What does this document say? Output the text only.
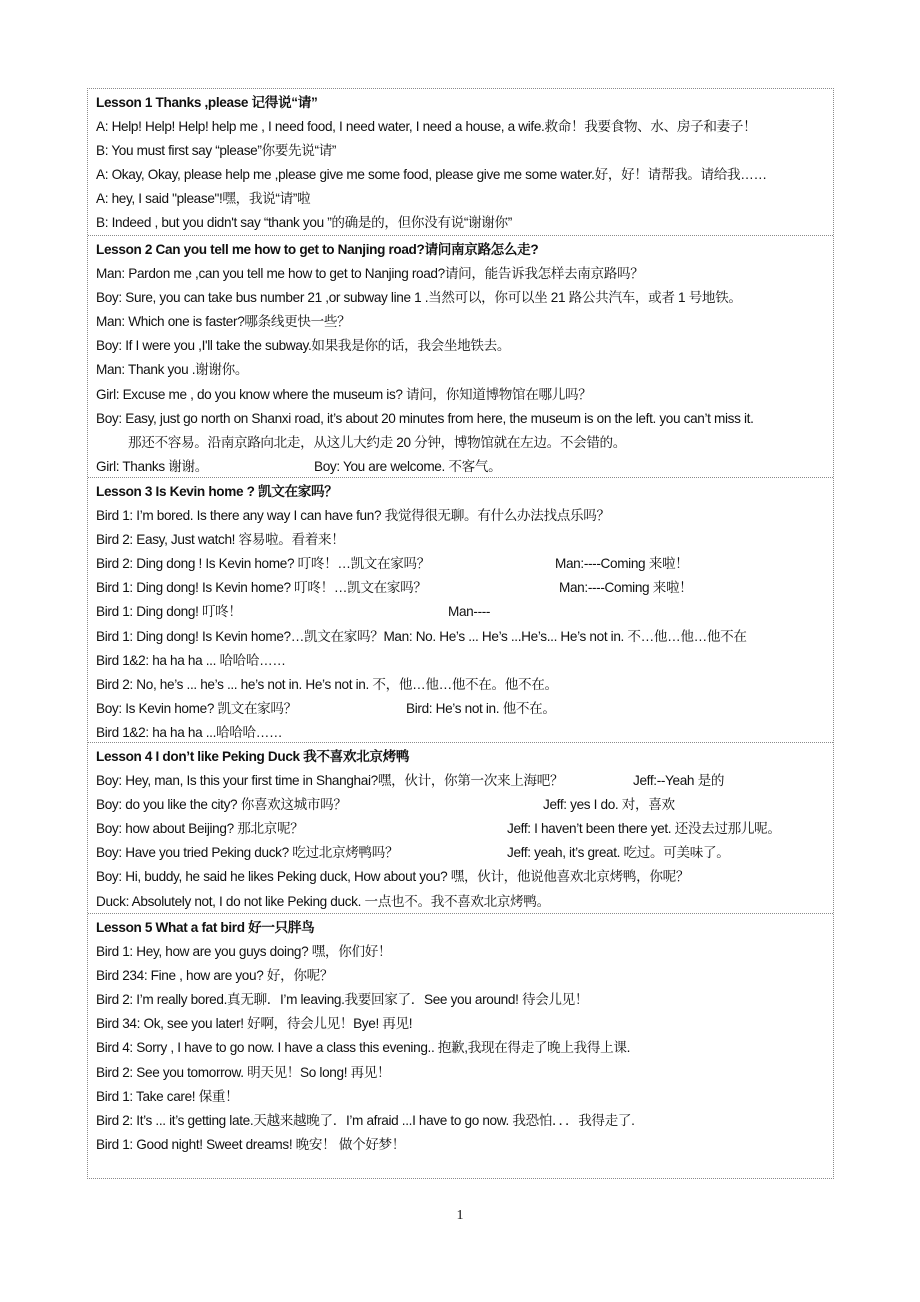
Lesson 1 Thanks ,please 记得说“请”
A: Help! Help! Help! help me , I need food, I need water, I need a house, a wife.救命！我要食物、水、房子和妻子！
B: You must first say “please”你要先说“请”
A: Okay, Okay, please help me ,please give me some food, please give me some water.好，好！请帮我。请给我……
A: hey, I said "please"!嘿，我说“请”啦
B: Indeed , but you didn't say “thank you ”的确是的，但你没有说“谢谢你”
Lesson 2 Can you tell me how to get to Nanjing road?请问南京路怎么走?
Man: Pardon me ,can you tell me how to get to Nanjing road?请问，能告诉我怎样去南京路吗？
Boy: Sure, you can take bus number 21 ,or subway line 1 .当然可以，你可以坐 21 路公共汽车，或者 1 号地铁。
Man: Which one is faster?哪条线更快一些？
Boy: If I were you ,I'll take the subway.如果我是你的话，我会坐地铁去。
Man: Thank you .谢谢你。
Girl: Excuse me , do you know where the museum is? 请问，你知道博物馆在哪儿吗？
Boy: Easy, just go north on Shanxi road, it’s about 20 minutes from here, the museum is on the left. you can’t miss it.
那还不容易。沿南京路向北走，从这儿大约走 20 分钟，博物馆就在左边。不会错的。
Girl: Thanks 谢谢。	Boy: You are welcome. 不客气。
Lesson 3 Is Kevin home ? 凯文在家吗？
Bird 1: I’m bored. Is there any way I can have fun? 我觉得很无聊。有什么办法找点乐吗？
Bird 2: Easy, Just watch! 容易啦。看着来！
Bird 2: Ding dong ! Is Kevin home? 叮咚！…凯文在家吗？	Man:----Coming 来啦！
Bird 1: Ding dong! Is Kevin home? 叮咚！…凯文在家吗？	Man:----Coming 来啦！
Bird 1: Ding dong! 叮咚！	Man----
Bird 1: Ding dong! Is Kevin home?…凯文在家吗？Man: No. He’s ... He’s ...He’s... He’s not in. 不…他…他…他不在
Bird 1&2: ha ha ha ... 哈哈哈……
Bird 2: No, he’s ... he’s ... he’s not in. He’s not in. 不，他…他…他不在。他不在。
Boy: Is Kevin home? 凯文在家吗？	Bird: He’s not in. 他不在。
Bird 1&2: ha ha ha ...哈哈哈……
Lesson 4 I don’t like Peking Duck 我不喜欢北京烤鸭
Boy: Hey, man, Is this your first time in Shanghai?嘿，伙计，你第一次来上海吧？	Jeff:--Yeah 是的
Boy: do you like the city? 你喜欢这城市吗？	Jeff: yes I do. 对，喜欢
Boy: how about Beijing? 那北京呢？	Jeff: I haven’t been there yet. 还没去过那儿呢。
Boy: Have you tried Peking duck? 吃过北京烤鸭吗？	Jeff: yeah, it’s great. 吃过。可美味了。
Boy: Hi, buddy, he said he likes Peking duck, How about you? 嘿，伙计，他说他喜欢北京烤鸭，你呢？
Duck: Absolutely not, I do not like Peking duck. 一点也不。我不喜欢北京烤鸭。
Lesson 5 What a fat bird 好一只胖鸟
Bird 1: Hey, how are you guys doing? 嘿，你们好！
Bird 234: Fine , how are you? 好，你呢？
Bird 2: I’m really bored.真无聊．I’m leaving.我要回家了．See you around! 待会儿见！
Bird 34: Ok, see you later! 好啊，待会儿见！Bye! 再见!
Bird 4: Sorry , I have to go now. I have a class this evening.. 抱歉,我现在得走了晚上我得上课.
Bird 2: See you tomorrow. 明天见！So long! 再见！
Bird 1: Take care! 保重！
Bird 2: It’s ... it’s getting late.天越来越晚了．I’m afraid ...I have to go now. 我恐怕．．．我得走了.
Bird 1: Good night! Sweet dreams! 晚安！ 做个好梦！
1
